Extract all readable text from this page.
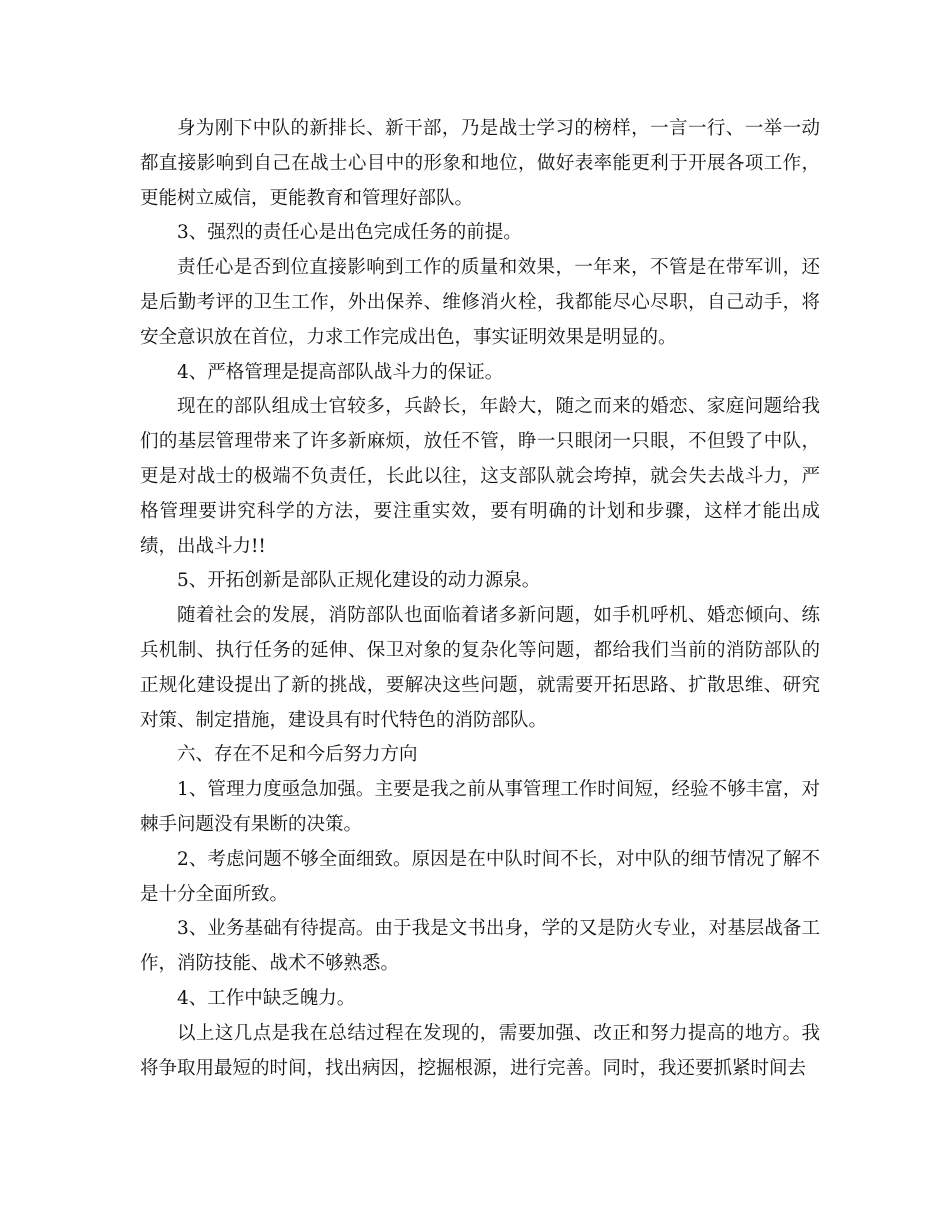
身为刚下中队的新排长、新干部，乃是战士学习的榜样，一言一行、一举一动都直接影响到自己在战士心目中的形象和地位，做好表率能更利于开展各项工作，更能树立威信，更能教育和管理好部队。

3、强烈的责任心是出色完成任务的前提。

责任心是否到位直接影响到工作的质量和效果，一年来，不管是在带军训，还是后勤考评的卫生工作，外出保养、维修消火栓，我都能尽心尽职，自己动手，将安全意识放在首位，力求工作完成出色，事实证明效果是明显的。

4、严格管理是提高部队战斗力的保证。

现在的部队组成士官较多，兵龄长，年龄大，随之而来的婚恋、家庭问题给我们的基层管理带来了许多新麻烦，放任不管，睁一只眼闭一只眼，不但毁了中队，更是对战士的极端不负责任，长此以往，这支部队就会垮掉，就会失去战斗力，严格管理要讲究科学的方法，要注重实效，要有明确的计划和步骤，这样才能出成绩，出战斗力!!

5、开拓创新是部队正规化建设的动力源泉。

随着社会的发展，消防部队也面临着诸多新问题，如手机呼机、婚恋倾向、练兵机制、执行任务的延伸、保卫对象的复杂化等问题，都给我们当前的消防部队的正规化建设提出了新的挑战，要解决这些问题，就需要开拓思路、扩散思维、研究对策、制定措施，建设具有时代特色的消防部队。

六、存在不足和今后努力方向

1、管理力度亟急加强。主要是我之前从事管理工作时间短，经验不够丰富，对棘手问题没有果断的决策。

2、考虑问题不够全面细致。原因是在中队时间不长，对中队的细节情况了解不是十分全面所致。

3、业务基础有待提高。由于我是文书出身，学的又是防火专业，对基层战备工作，消防技能、战术不够熟悉。

4、工作中缺乏魄力。

以上这几点是我在总结过程在发现的，需要加强、改正和努力提高的地方。我将争取用最短的时间，找出病因，挖掘根源，进行完善。同时，我还要抓紧时间去
